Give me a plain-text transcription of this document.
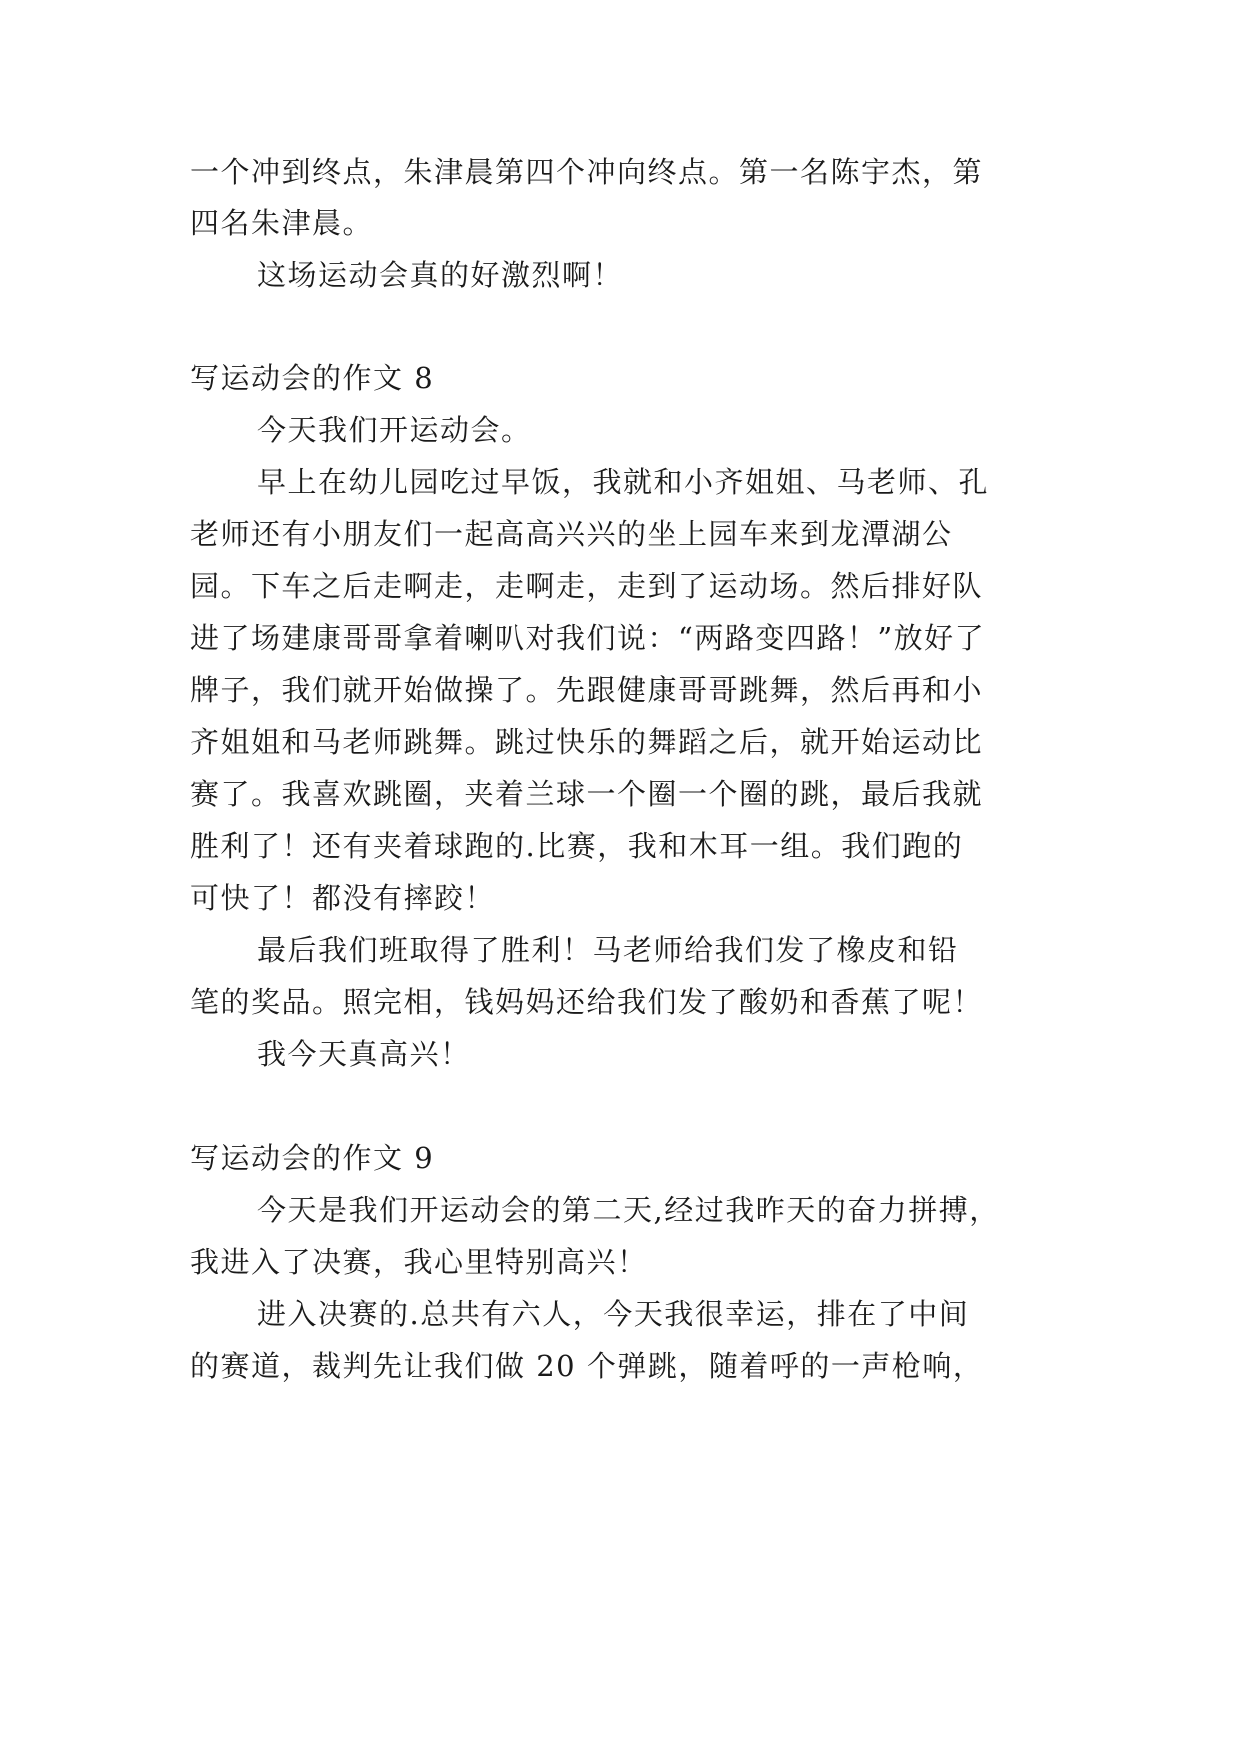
一个冲到终点，朱津晨第四个冲向终点。第一名陈宇杰，第
四名朱津晨。
这场运动会真的好激烈啊！
写运动会的作文 8
今天我们开运动会。
早上在幼儿园吃过早饭，我就和小齐姐姐、马老师、孔
老师还有小朋友们一起高高兴兴的坐上园车来到龙潭湖公
园。下车之后走啊走，走啊走，走到了运动场。然后排好队
进了场建康哥哥拿着喇叭对我们说：“两路变四路！”放好了
牌子，我们就开始做操了。先跟健康哥哥跳舞，然后再和小
齐姐姐和马老师跳舞。跳过快乐的舞蹈之后，就开始运动比
赛了。我喜欢跳圈，夹着兰球一个圈一个圈的跳，最后我就
胜利了！还有夹着球跑的.比赛，我和木耳一组。我们跑的
可快了！都没有摔跤！
最后我们班取得了胜利！马老师给我们发了橡皮和铅
笔的奖品。照完相，钱妈妈还给我们发了酸奶和香蕉了呢！
我今天真高兴！
写运动会的作文 9
今天是我们开运动会的第二天,经过我昨天的奋力拼搏，
我进入了决赛，我心里特别高兴！
进入决赛的.总共有六人，今天我很幸运，排在了中间
的赛道，裁判先让我们做 20 个弹跳，随着呼的一声枪响，
